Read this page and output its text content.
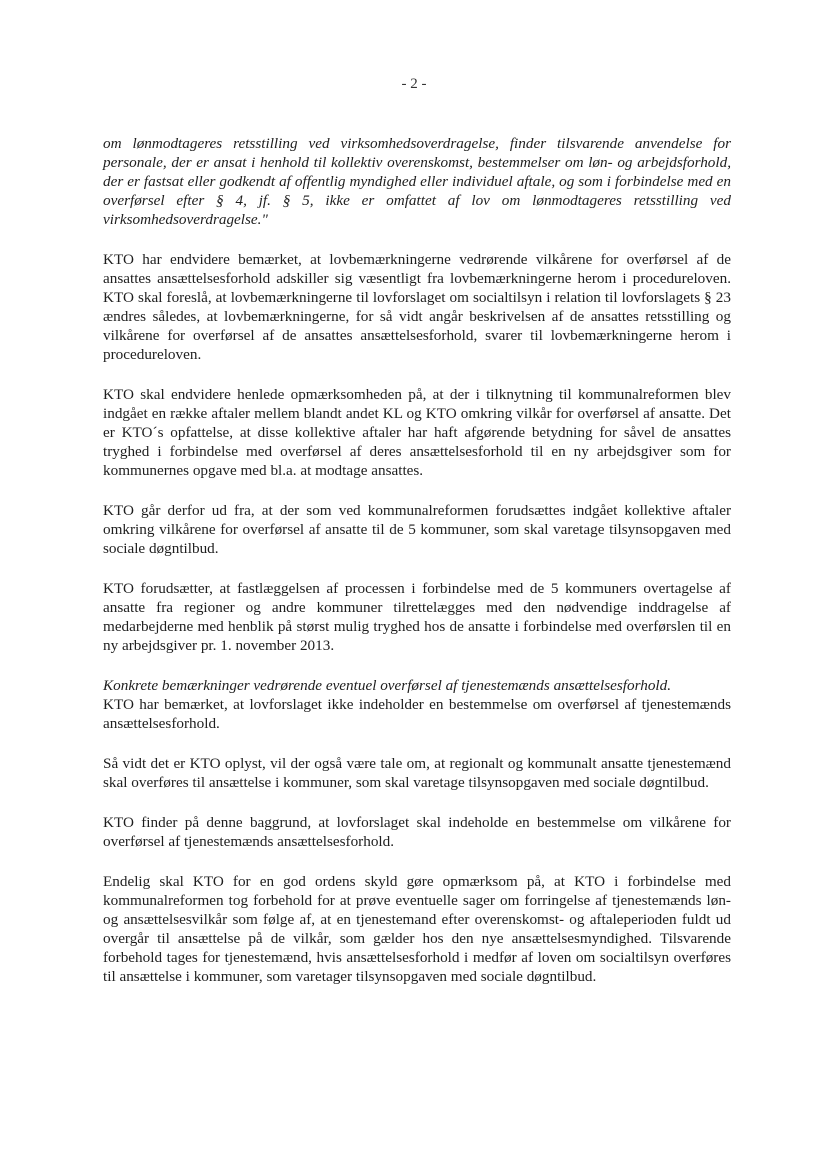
- 2 -

om lønmodtageres retsstilling ved virksomhedsoverdragelse, finder tilsvarende anvendelse for personale, der er ansat i henhold til kollektiv overenskomst, bestemmelser om løn- og arbejdsforhold, der er fastsat eller godkendt af offentlig myndighed eller individuel aftale, og som i forbindelse med en overførsel efter § 4, jf. § 5, ikke er omfattet af lov om lønmodtageres retsstilling ved virksomhedsoverdragelse."

KTO har endvidere bemærket, at lovbemærkningerne vedrørende vilkårene for overførsel af de ansattes ansættelsesforhold adskiller sig væsentligt fra lovbemærkningerne herom i procedureloven. KTO skal foreslå, at lovbemærkningerne til lovforslaget om socialtilsyn i relation til lovforslagets § 23 ændres således, at lovbemærkningerne, for så vidt angår beskrivelsen af de ansattes retsstilling og vilkårene for overførsel af de ansattes ansættelsesforhold, svarer til lovbemærkningerne herom i procedureloven.

KTO skal endvidere henlede opmærksomheden på, at der i tilknytning til kommunalreformen blev indgået en række aftaler mellem blandt andet KL og KTO omkring vilkår for overførsel af ansatte. Det er KTO´s opfattelse, at disse kollektive aftaler har haft afgørende betydning for såvel de ansattes tryghed i forbindelse med overførsel af deres ansættelsesforhold til en ny arbejdsgiver som for kommunernes opgave med bl.a. at modtage ansattes.

KTO går derfor ud fra, at der som ved kommunalreformen forudsættes indgået kollektive aftaler omkring vilkårene for overførsel af ansatte til de 5 kommuner, som skal varetage tilsynsopgaven med sociale døgntilbud.

KTO forudsætter, at fastlæggelsen af processen i forbindelse med de 5 kommuners overtagelse af ansatte fra regioner og andre kommuner tilrettelægges med den nødvendige inddragelse af medarbejderne med henblik på størst mulig tryghed hos de ansatte i forbindelse med overførslen til en ny arbejdsgiver pr. 1. november 2013.

Konkrete bemærkninger vedrørende eventuel overførsel af tjenestemænds ansættelsesforhold.

KTO har bemærket, at lovforslaget ikke indeholder en bestemmelse om overførsel af tjenestemænds ansættelsesforhold.

Så vidt det er KTO oplyst, vil der også være tale om, at regionalt og kommunalt ansatte tjenestemænd skal overføres til ansættelse i kommuner, som skal varetage tilsynsopgaven med sociale døgntilbud.

KTO finder på denne baggrund, at lovforslaget skal indeholde en bestemmelse om vilkårene for overførsel af tjenestemænds ansættelsesforhold.

Endelig skal KTO for en god ordens skyld gøre opmærksom på, at KTO i forbindelse med kommunalreformen tog forbehold for at prøve eventuelle sager om forringelse af tjenestemænds løn- og ansættelsesvilkår som følge af, at en tjenestemand efter overenskomst- og aftaleperioden fuldt ud overgår til ansættelse på de vilkår, som gælder hos den nye ansættelsesmyndighed. Tilsvarende forbehold tages for tjenestemænd, hvis ansættelsesforhold i medfør af loven om socialtilsyn overføres til ansættelse i kommuner, som varetager tilsynsopgaven med sociale døgntilbud.
